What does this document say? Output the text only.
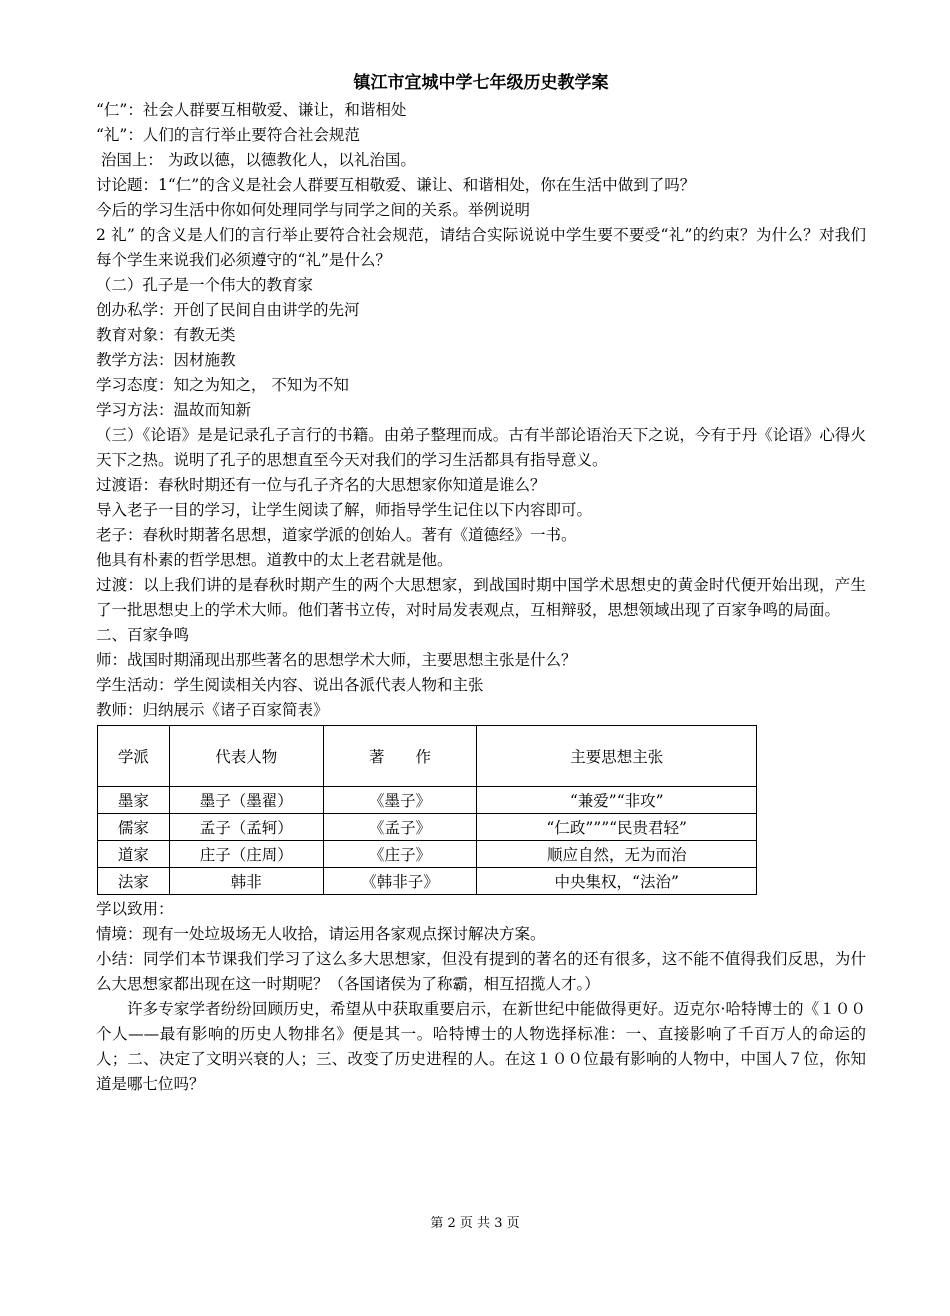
镇江市宜城中学七年级历史教学案
“仁”：社会人群要互相敬爱、谦让，和谐相处
“礼”：人们的言行举止要符合社会规范
治国上： 为政以德，以德教化人，以礼治国。
讨论题：1“仁”的含义是社会人群要互相敬爱、谦让、和谐相处，你在生活中做到了吗？
今后的学习生活中你如何处理同学与同学之间的关系。举例说明

2 礼” 的含义是人们的言行举止要符合社会规范，请结合实际说说中学生要不要受“礼”的约束？为什么？对我们每个学生来说我们必须遵守的“礼”是什么？

（二）孔子是一个伟大的教育家
创办私学：开创了民间自由讲学的先河
教育对象：有教无类
教学方法：因材施教
学习态度：知之为知之， 不知为不知
学习方法：温故而知新

（三）《论语》是是记录孔子言行的书籍。由弟子整理而成。古有半部论语治天下之说，今有于丹《论语》心得火天下之热。说明了孔子的思想直至今天对我们的学习生活都具有指导意义。

过渡语：春秋时期还有一位与孔子齐名的大思想家你知道是谁么？
导入老子一目的学习，让学生阅读了解，师指导学生记住以下内容即可。
老子：春秋时期著名思想，道家学派的创始人。著有《道德经》一书。
他具有朴素的哲学思想。道教中的太上老君就是他。

过渡：以上我们讲的是春秋时期产生的两个大思想家，到战国时期中国学术思想史的黄金时代便开始出现，产生了一批思想史上的学术大师。他们著书立传，对时局发表观点，互相辩驳，思想领域出现了百家争鸣的局面。

二、百家争鸣
师：战国时期涌现出那些著名的思想学术大师，主要思想主张是什么？
学生活动：学生阅读相关内容、说出各派代表人物和主张
教师：归纳展示《诸子百家简表》
学派	代表人物	著　　作	主要思想主张
墨家	墨子（墨翟）	《墨子》	“兼爱”“非攻”
儒家	孟子（孟轲）	《孟子》	“仁政”””“民贵君轻”
道家	庄子（庄周）	《庄子》	顺应自然，无为而治
法家	韩非	《韩非子》	中央集权，“法治”
学以致用：
情境：现有一处垃圾场无人收拾，请运用各家观点探讨解决方案。

小结：同学们本节课我们学习了这么多大思想家，但没有提到的著名的还有很多，这不能不值得我们反思，为什么大思想家都出现在这一时期呢？（各国诸侯为了称霸，相互招揽人才。）

许多专家学者纷纷回顾历史，希望从中获取重要启示，在新世纪中能做得更好。迈克尔·哈特博士的《１００个人——最有影响的历史人物排名》便是其一。哈特博士的人物选择标准：一、直接影响了千百万人的命运的人；二、决定了文明兴衰的人；三、改变了历史进程的人。在这１００位最有影响的人物中，中国人７位，你知道是哪七位吗？

第 2 页 共 3 页
